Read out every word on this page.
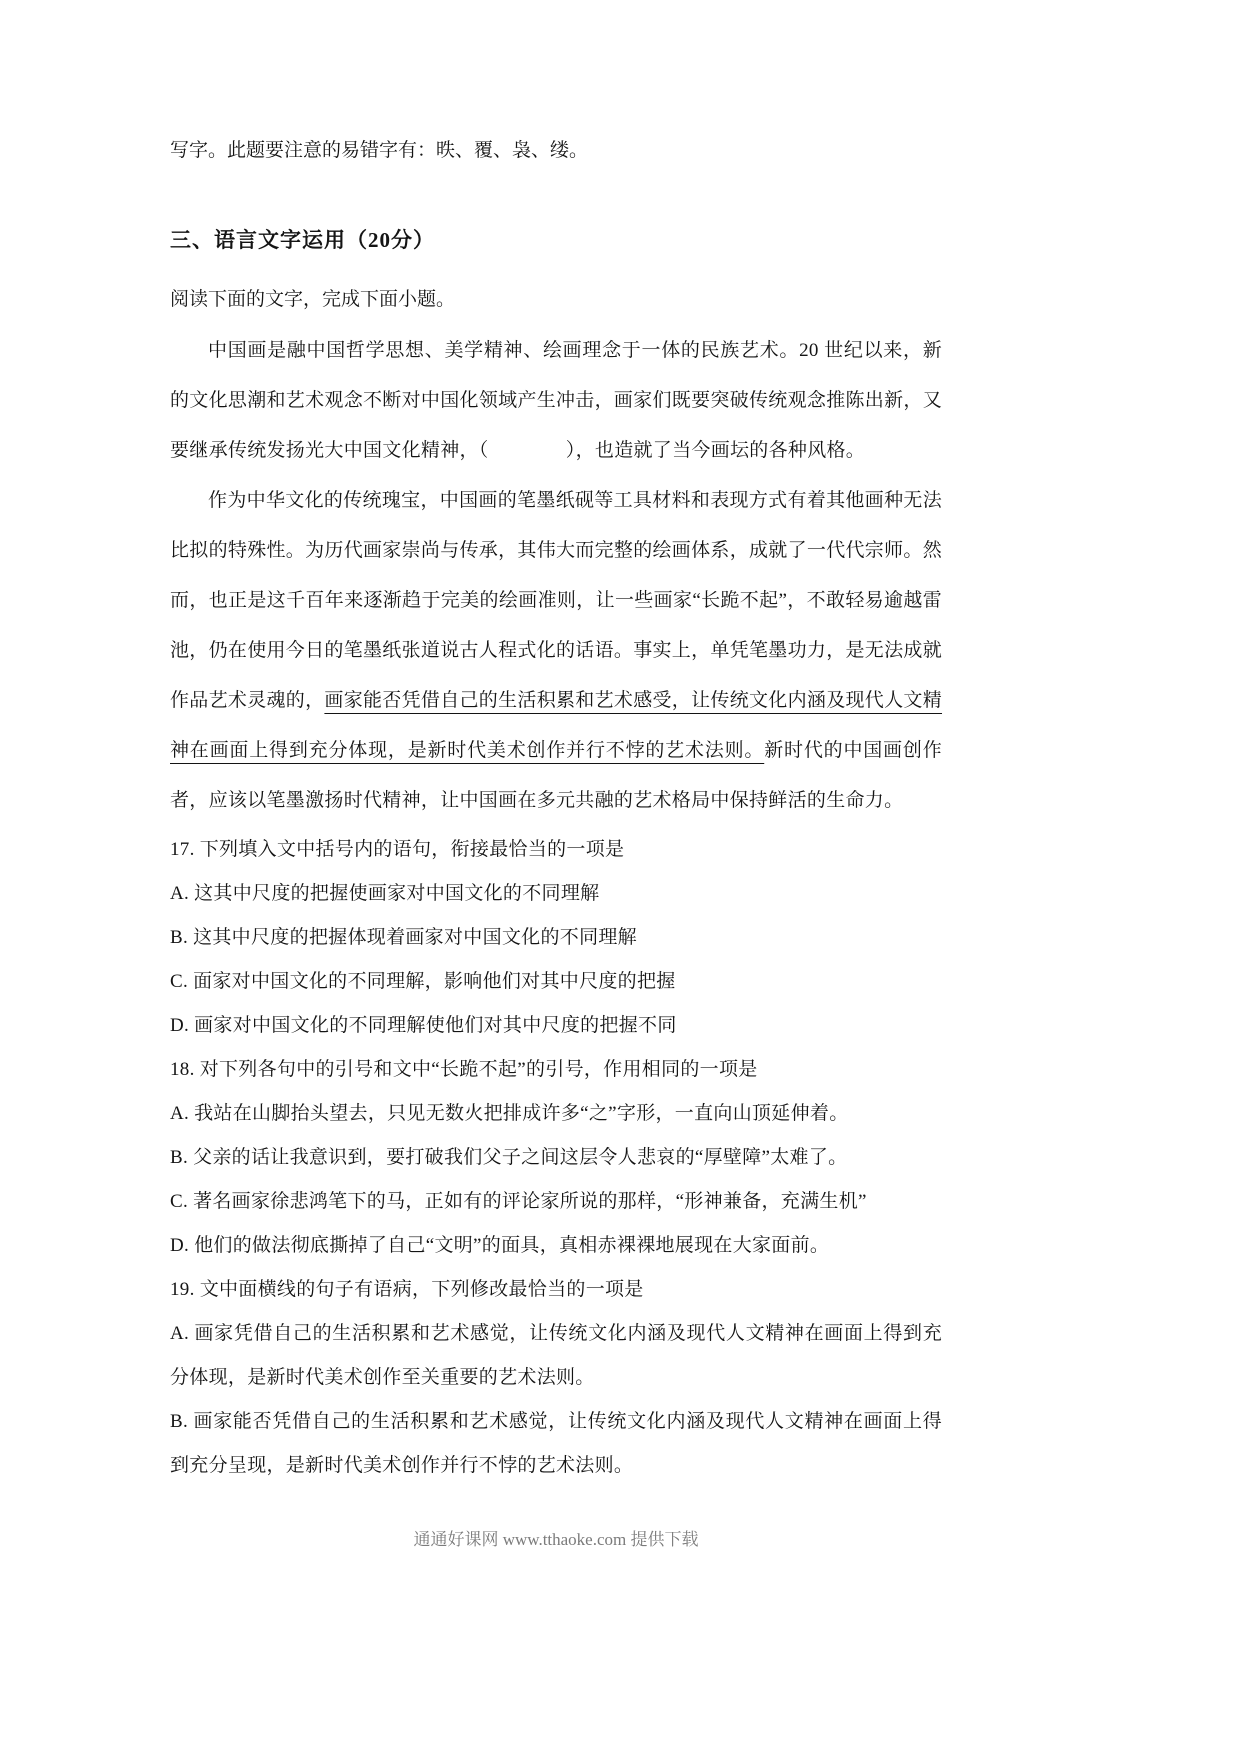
写字。此题要注意的易错字有：昳、覆、袅、缕。
三、语言文字运用（20分）
阅读下面的文字，完成下面小题。
中国画是融中国哲学思想、美学精神、绘画理念于一体的民族艺术。20 世纪以来，新的文化思潮和艺术观念不断对中国化领域产生冲击，画家们既要突破传统观念推陈出新，又要继承传统发扬光大中国文化精神，（　　　　），也造就了当今画坛的各种风格。
作为中华文化的传统瑰宝，中国画的笔墨纸砚等工具材料和表现方式有着其他画种无法比拟的特殊性。为历代画家崇尚与传承，其伟大而完整的绘画体系，成就了一代代宗师。然而，也正是这千百年来逐渐趋于完美的绘画准则，让一些画家“长跪不起”，不敢轻易逾越雷池，仍在使用今日的笔墨纸张道说古人程式化的话语。事实上，单凭笔墨功力，是无法成就作品艺术灵魂的，画家能否凭借自己的生活积累和艺术感受，让传统文化内涵及现代人文精神在画面上得到充分体现，是新时代美术创作并行不悖的艺术法则。新时代的中国画创作者，应该以笔墨激扬时代精神，让中国画在多元共融的艺术格局中保持鲜活的生命力。
17. 下列填入文中括号内的语句，衔接最恰当的一项是
A. 这其中尺度的把握使画家对中国文化的不同理解
B. 这其中尺度的把握体现着画家对中国文化的不同理解
C. 面家对中国文化的不同理解，影响他们对其中尺度的把握
D. 画家对中国文化的不同理解使他们对其中尺度的把握不同
18. 对下列各句中的引号和文中“长跪不起”的引号，作用相同的一项是
A. 我站在山脚抬头望去，只见无数火把排成许多“之”字形，一直向山顶延伸着。
B. 父亲的话让我意识到，要打破我们父子之间这层令人悲哀的“厚壁障”太难了。
C. 著名画家徐悲鸿笔下的马，正如有的评论家所说的那样，“形神兼备，充满生机”
D. 他们的做法彻底撕掉了自己“文明”的面具，真相赤裸裸地展现在大家面前。
19. 文中面横线的句子有语病，下列修改最恰当的一项是
A. 画家凭借自己的生活积累和艺术感觉，让传统文化内涵及现代人文精神在画面上得到充分体现，是新时代美术创作至关重要的艺术法则。
B. 画家能否凭借自己的生活积累和艺术感觉，让传统文化内涵及现代人文精神在画面上得到充分呈现，是新时代美术创作并行不悖的艺术法则。
通通好课网 www.tthaoke.com 提供下载
